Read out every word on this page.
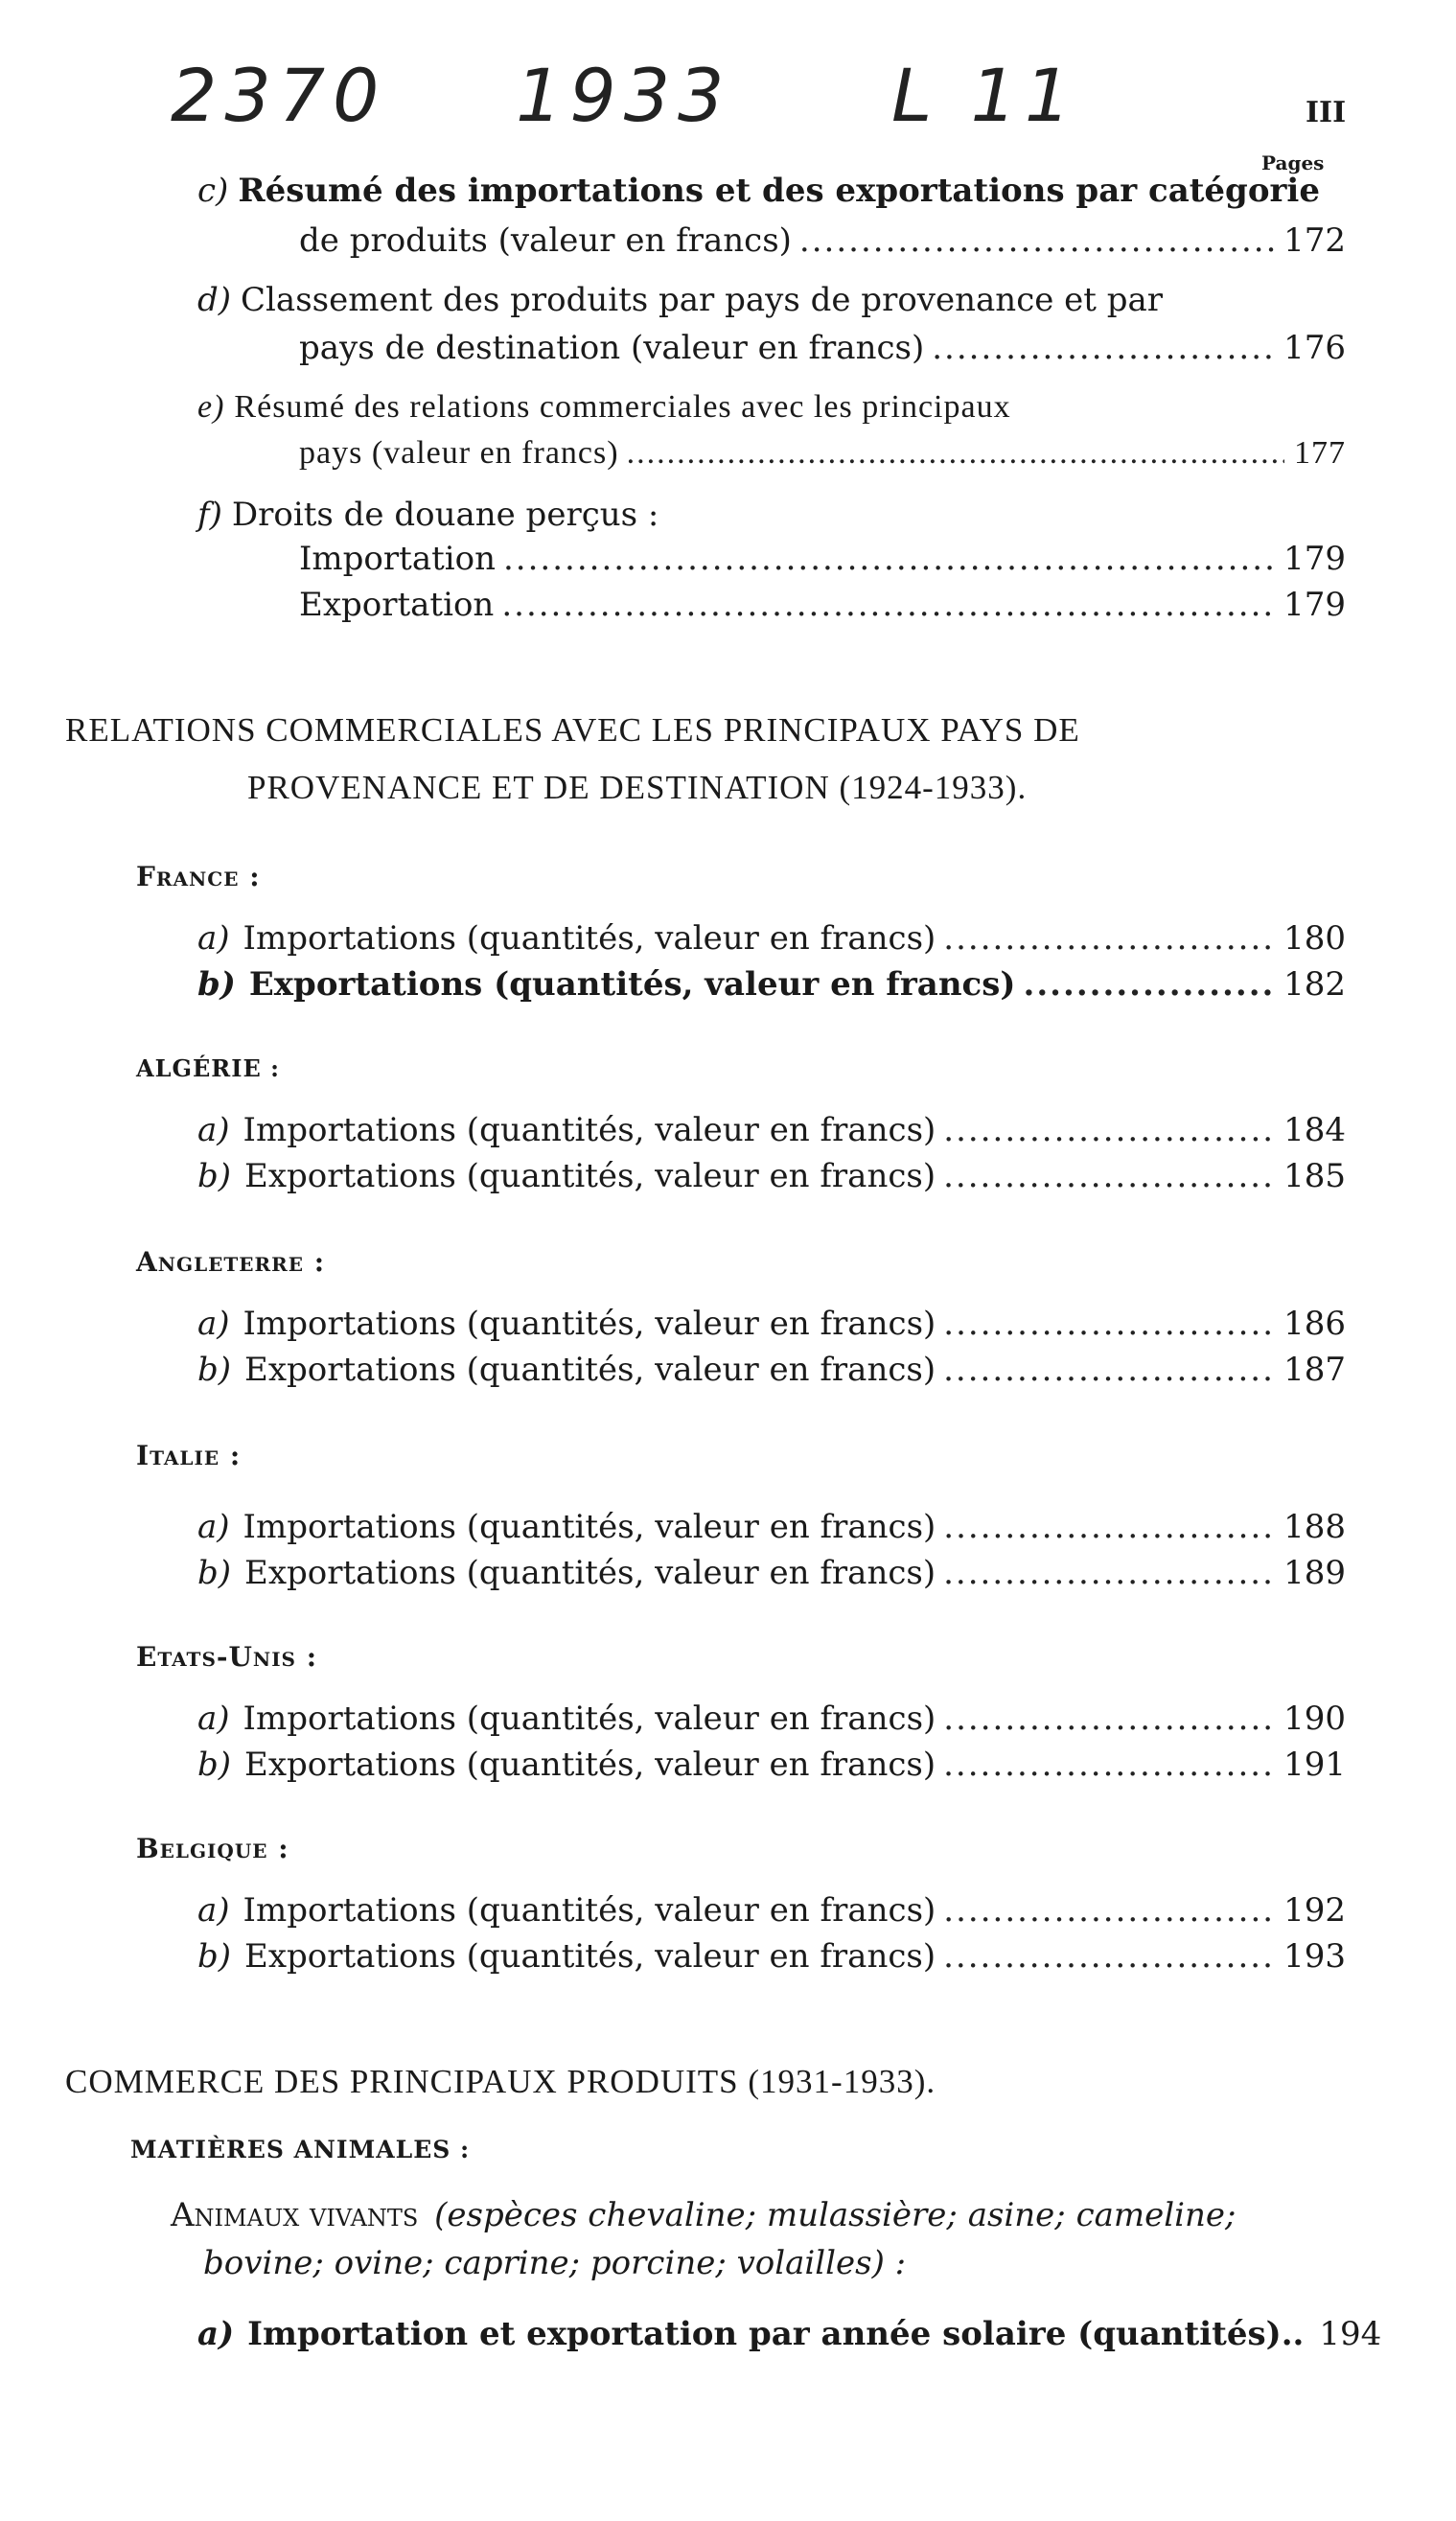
2370 1933 L 11	III
Pages
c) Résumé des importations et des exportations par catégorie
de produits (valeur en francs) .....	172
d) Classement des produits par pays de provenance et par
pays de destination (valeur en francs) .....	176
e) Résumé des relations commerciales avec les principaux
pays (valeur en francs) .....	177
f) Droits de douane perçus :
Importation .....	179
Exportation .....	179
RELATIONS COMMERCIALES AVEC LES PRINCIPAUX PAYS DE
PROVENANCE ET DE DESTINATION (1924-1933).
France :
a) Importations (quantités, valeur en francs) .....	180
b) Exportations (quantités, valeur en francs) .....	182
ALGÉRIE :
a) Importations (quantités, valeur en francs) .....	184
b) Exportations (quantités, valeur en francs) .....	185
Angleterre :
a) Importations (quantités, valeur en francs) .....	186
b) Exportations (quantités, valeur en francs) .....	187
Italie :
a) Importations (quantités, valeur en francs) .....	188
b) Exportations (quantités, valeur en francs) .....	189
Etats-Unis :
a) Importations (quantités, valeur en francs) .....	190
b) Exportations (quantités, valeur en francs) .....	191
Belgique :
a) Importations (quantités, valeur en francs) .....	192
b) Exportations (quantités, valeur en francs) .....	193
COMMERCE DES PRINCIPAUX PRODUITS (1931-1933).
MATIÈRES ANIMALES :
Animaux vivants (espèces chevaline; mulassière; asine; cameline;
bovine; ovine; caprine; porcine; volailles) :
a) Importation et exportation par année solaire (quantités).. 194
